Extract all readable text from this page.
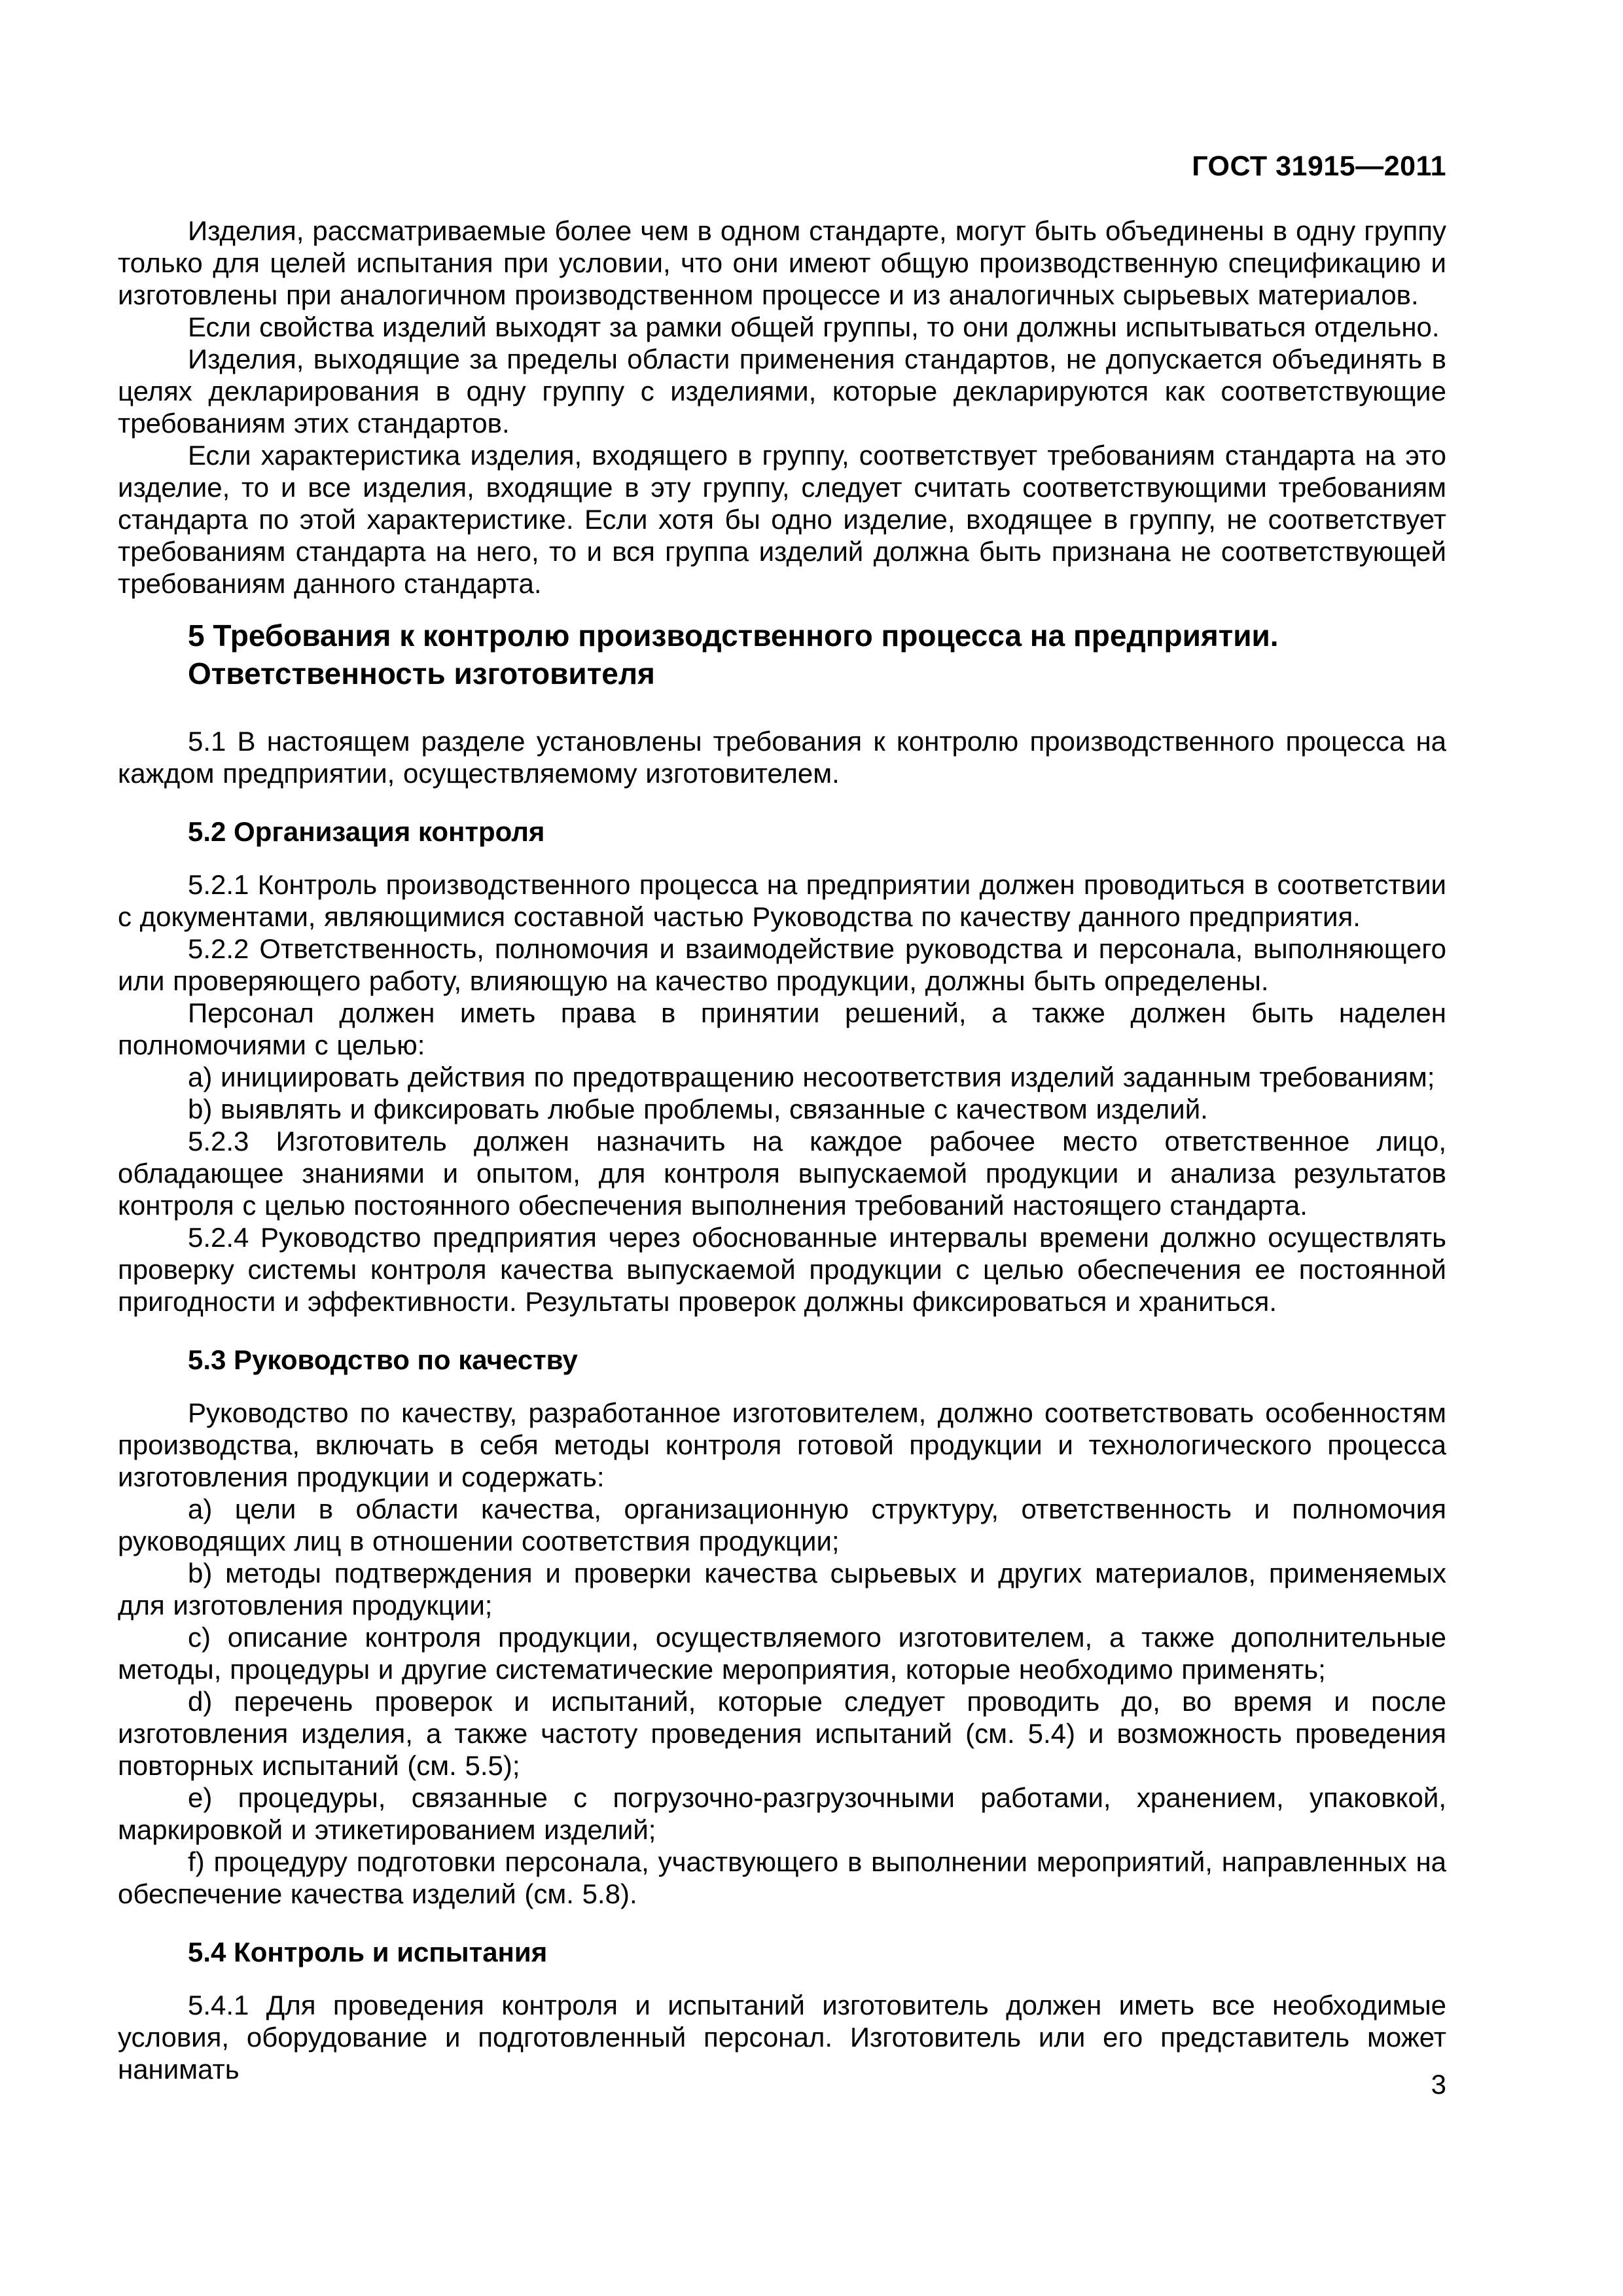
ГОСТ 31915—2011

Изделия, рассматриваемые более чем в одном стандарте, могут быть объединены в одну группу только для целей испытания при условии, что они имеют общую производственную спецификацию и изготовлены при аналогичном производственном процессе и из аналогичных сырьевых материалов.

Если свойства изделий выходят за рамки общей группы, то они должны испытываться отдельно.

Изделия, выходящие за пределы области применения стандартов, не допускается объединять в целях декларирования в одну группу с изделиями, которые декларируются как соответствующие требованиям этих стандартов.

Если характеристика изделия, входящего в группу, соответствует требованиям стандарта на это изделие, то и все изделия, входящие в эту группу, следует считать соответствующими требованиям стандарта по этой характеристике. Если хотя бы одно изделие, входящее в группу, не соответствует требованиям стандарта на него, то и вся группа изделий должна быть признана не соответствующей требованиям данного стандарта.

5 Требования к контролю производственного процесса на предприятии. Ответственность изготовителя

5.1 В настоящем разделе установлены требования к контролю производственного процесса на каждом предприятии, осуществляемому изготовителем.

5.2 Организация контроля

5.2.1 Контроль производственного процесса на предприятии должен проводиться в соответствии с документами, являющимися составной частью Руководства по качеству данного предприятия.

5.2.2 Ответственность, полномочия и взаимодействие руководства и персонала, выполняющего или проверяющего работу, влияющую на качество продукции, должны быть определены.

Персонал должен иметь права в принятии решений, а также должен быть наделен полномочиями с целью:

a) инициировать действия по предотвращению несоответствия изделий заданным требованиям;

b) выявлять и фиксировать любые проблемы, связанные с качеством изделий.

5.2.3 Изготовитель должен назначить на каждое рабочее место ответственное лицо, обладающее знаниями и опытом, для контроля выпускаемой продукции и анализа результатов контроля с целью постоянного обеспечения выполнения требований настоящего стандарта.

5.2.4 Руководство предприятия через обоснованные интервалы времени должно осуществлять проверку системы контроля качества выпускаемой продукции с целью обеспечения ее постоянной пригодности и эффективности. Результаты проверок должны фиксироваться и храниться.

5.3 Руководство по качеству

Руководство по качеству, разработанное изготовителем, должно соответствовать особенностям производства, включать в себя методы контроля готовой продукции и технологического процесса изготовления продукции и содержать:

a) цели в области качества, организационную структуру, ответственность и полномочия руководящих лиц в отношении соответствия продукции;

b) методы подтверждения и проверки качества сырьевых и других материалов, применяемых для изготовления продукции;

c) описание контроля продукции, осуществляемого изготовителем, а также дополнительные методы, процедуры и другие систематические мероприятия, которые необходимо применять;

d) перечень проверок и испытаний, которые следует проводить до, во время и после изготовления изделия, а также частоту проведения испытаний (см. 5.4) и возможность проведения повторных испытаний (см. 5.5);

e) процедуры, связанные с погрузочно-разгрузочными работами, хранением, упаковкой, маркировкой и этикетированием изделий;

f) процедуру подготовки персонала, участвующего в выполнении мероприятий, направленных на обеспечение качества изделий (см. 5.8).

5.4 Контроль и испытания

5.4.1 Для проведения контроля и испытаний изготовитель должен иметь все необходимые условия, оборудование и подготовленный персонал. Изготовитель или его представитель может нанимать	3
